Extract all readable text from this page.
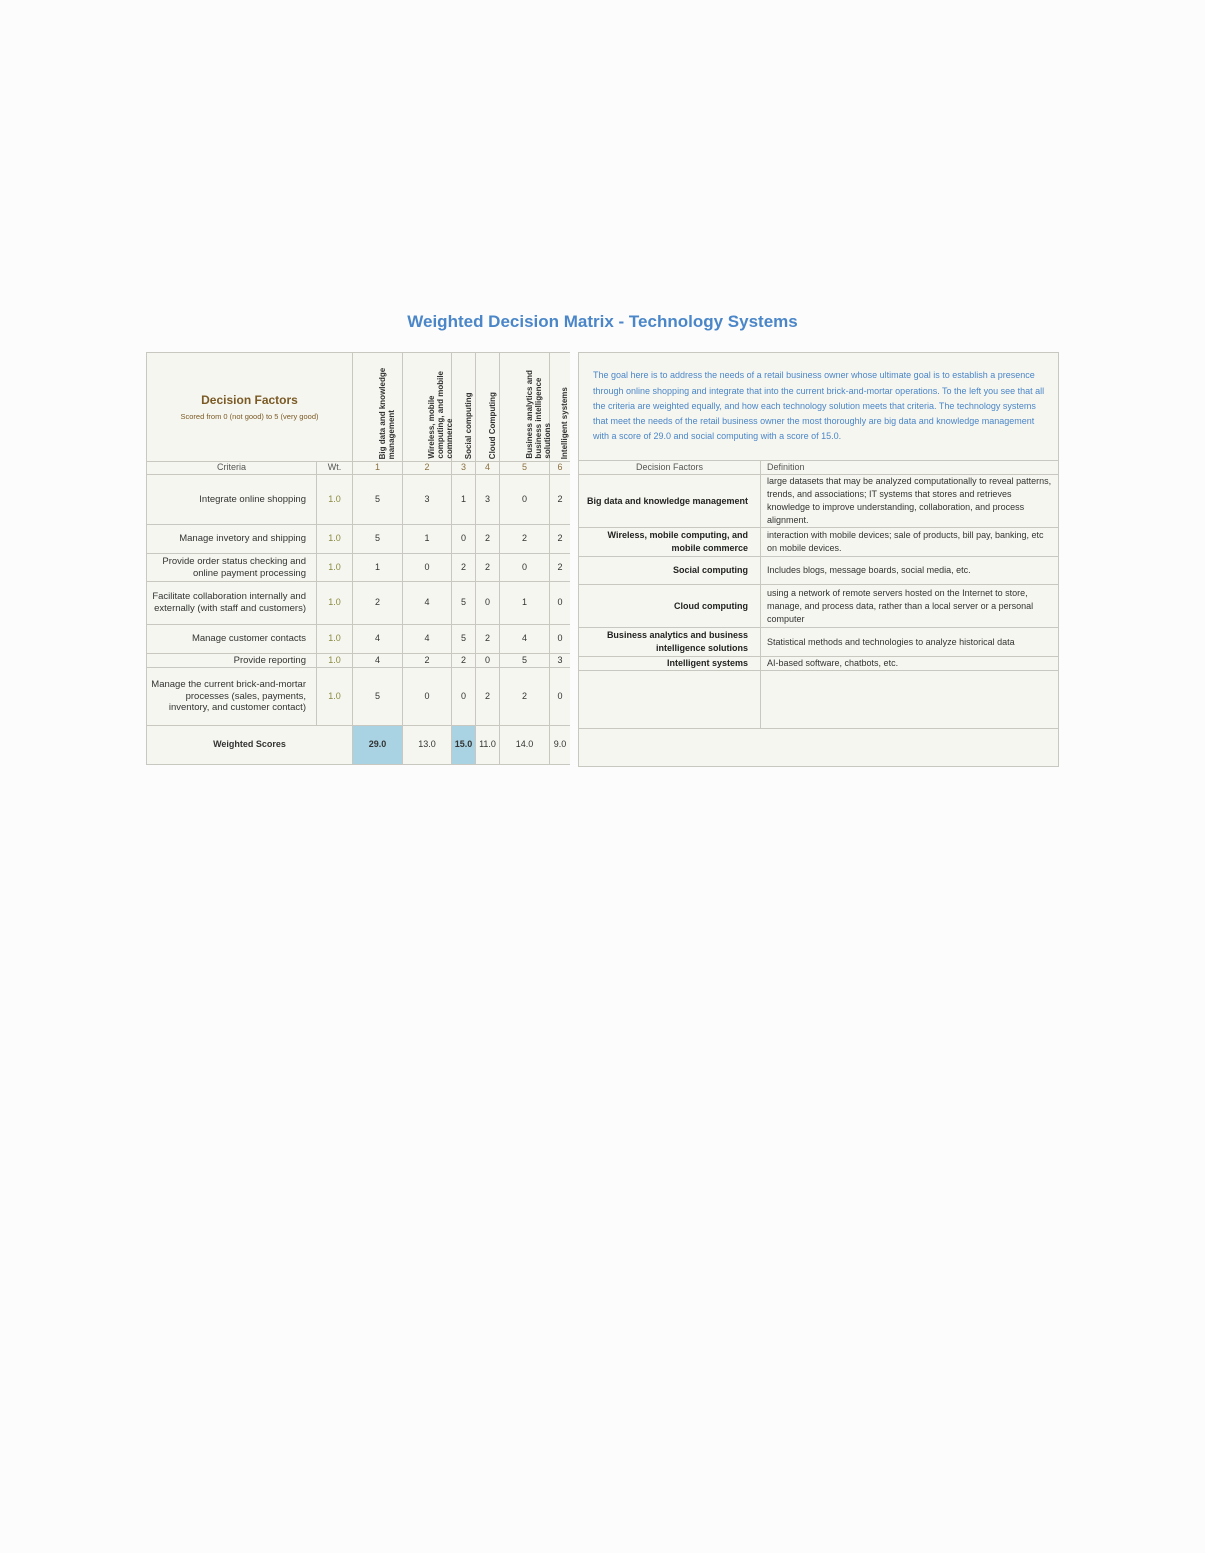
Weighted Decision Matrix - Technology Systems
Decision Factors
Scored from 0 (not good) to 5 (very good)		Big data and knowledge management	Wireless, mobile computing, and mobile commerce	Social computing	Cloud Computing	Business analytics and business intelligence solutions	Intelligent systems

Criteria	Wt.	1	2	3	4	5	6
Integrate online shopping	1.0	5	3	1	3	0	2
Manage invetory and shipping	1.0	5	1	0	2	2	2
Provide order status checking and online payment processing	1.0	1	0	2	2	0	2
Facilitate collaboration internally and externally (with staff and customers)	1.0	2	4	5	0	1	0
Manage customer contacts	1.0	4	4	5	2	4	0
Provide reporting	1.0	4	2	2	0	5	3
Manage the current brick-and-mortar processes (sales, payments, inventory, and customer contact)	1.0	5	0	0	2	2	0
Weighted Scores		29.0	13.0	15.0	11.0	14.0	9.0
The goal here is to address the needs of a retail business owner whose ultimate goal is to establish a presence through online shopping and integrate that into the current brick-and-mortar operations. To the left you see that all the criteria are weighted equally, and how each technology solution meets that criteria. The technology systems that meet the needs of the retail business owner the most thoroughly are big data and knowledge management with a score of 29.0 and social computing with a score of 15.0.	
Decision Factors	Definition
Big data and knowledge management	large datasets that may be analyzed computationally to reveal patterns, trends, and associations; IT systems that stores and retrieves knowledge to improve understanding, collaboration, and process alignment.
Wireless, mobile computing, and mobile commerce	interaction with mobile devices; sale of products, bill pay, banking, etc on mobile devices.
Social computing	Includes blogs, message boards, social media, etc.
Cloud computing	using a network of remote servers hosted on the Internet to store, manage, and process data, rather than a local server or a personal computer
Business analytics and business intelligence solutions	Statistical methods and technologies to analyze historical data
Intelligent systems	AI-based software, chatbots, etc.
